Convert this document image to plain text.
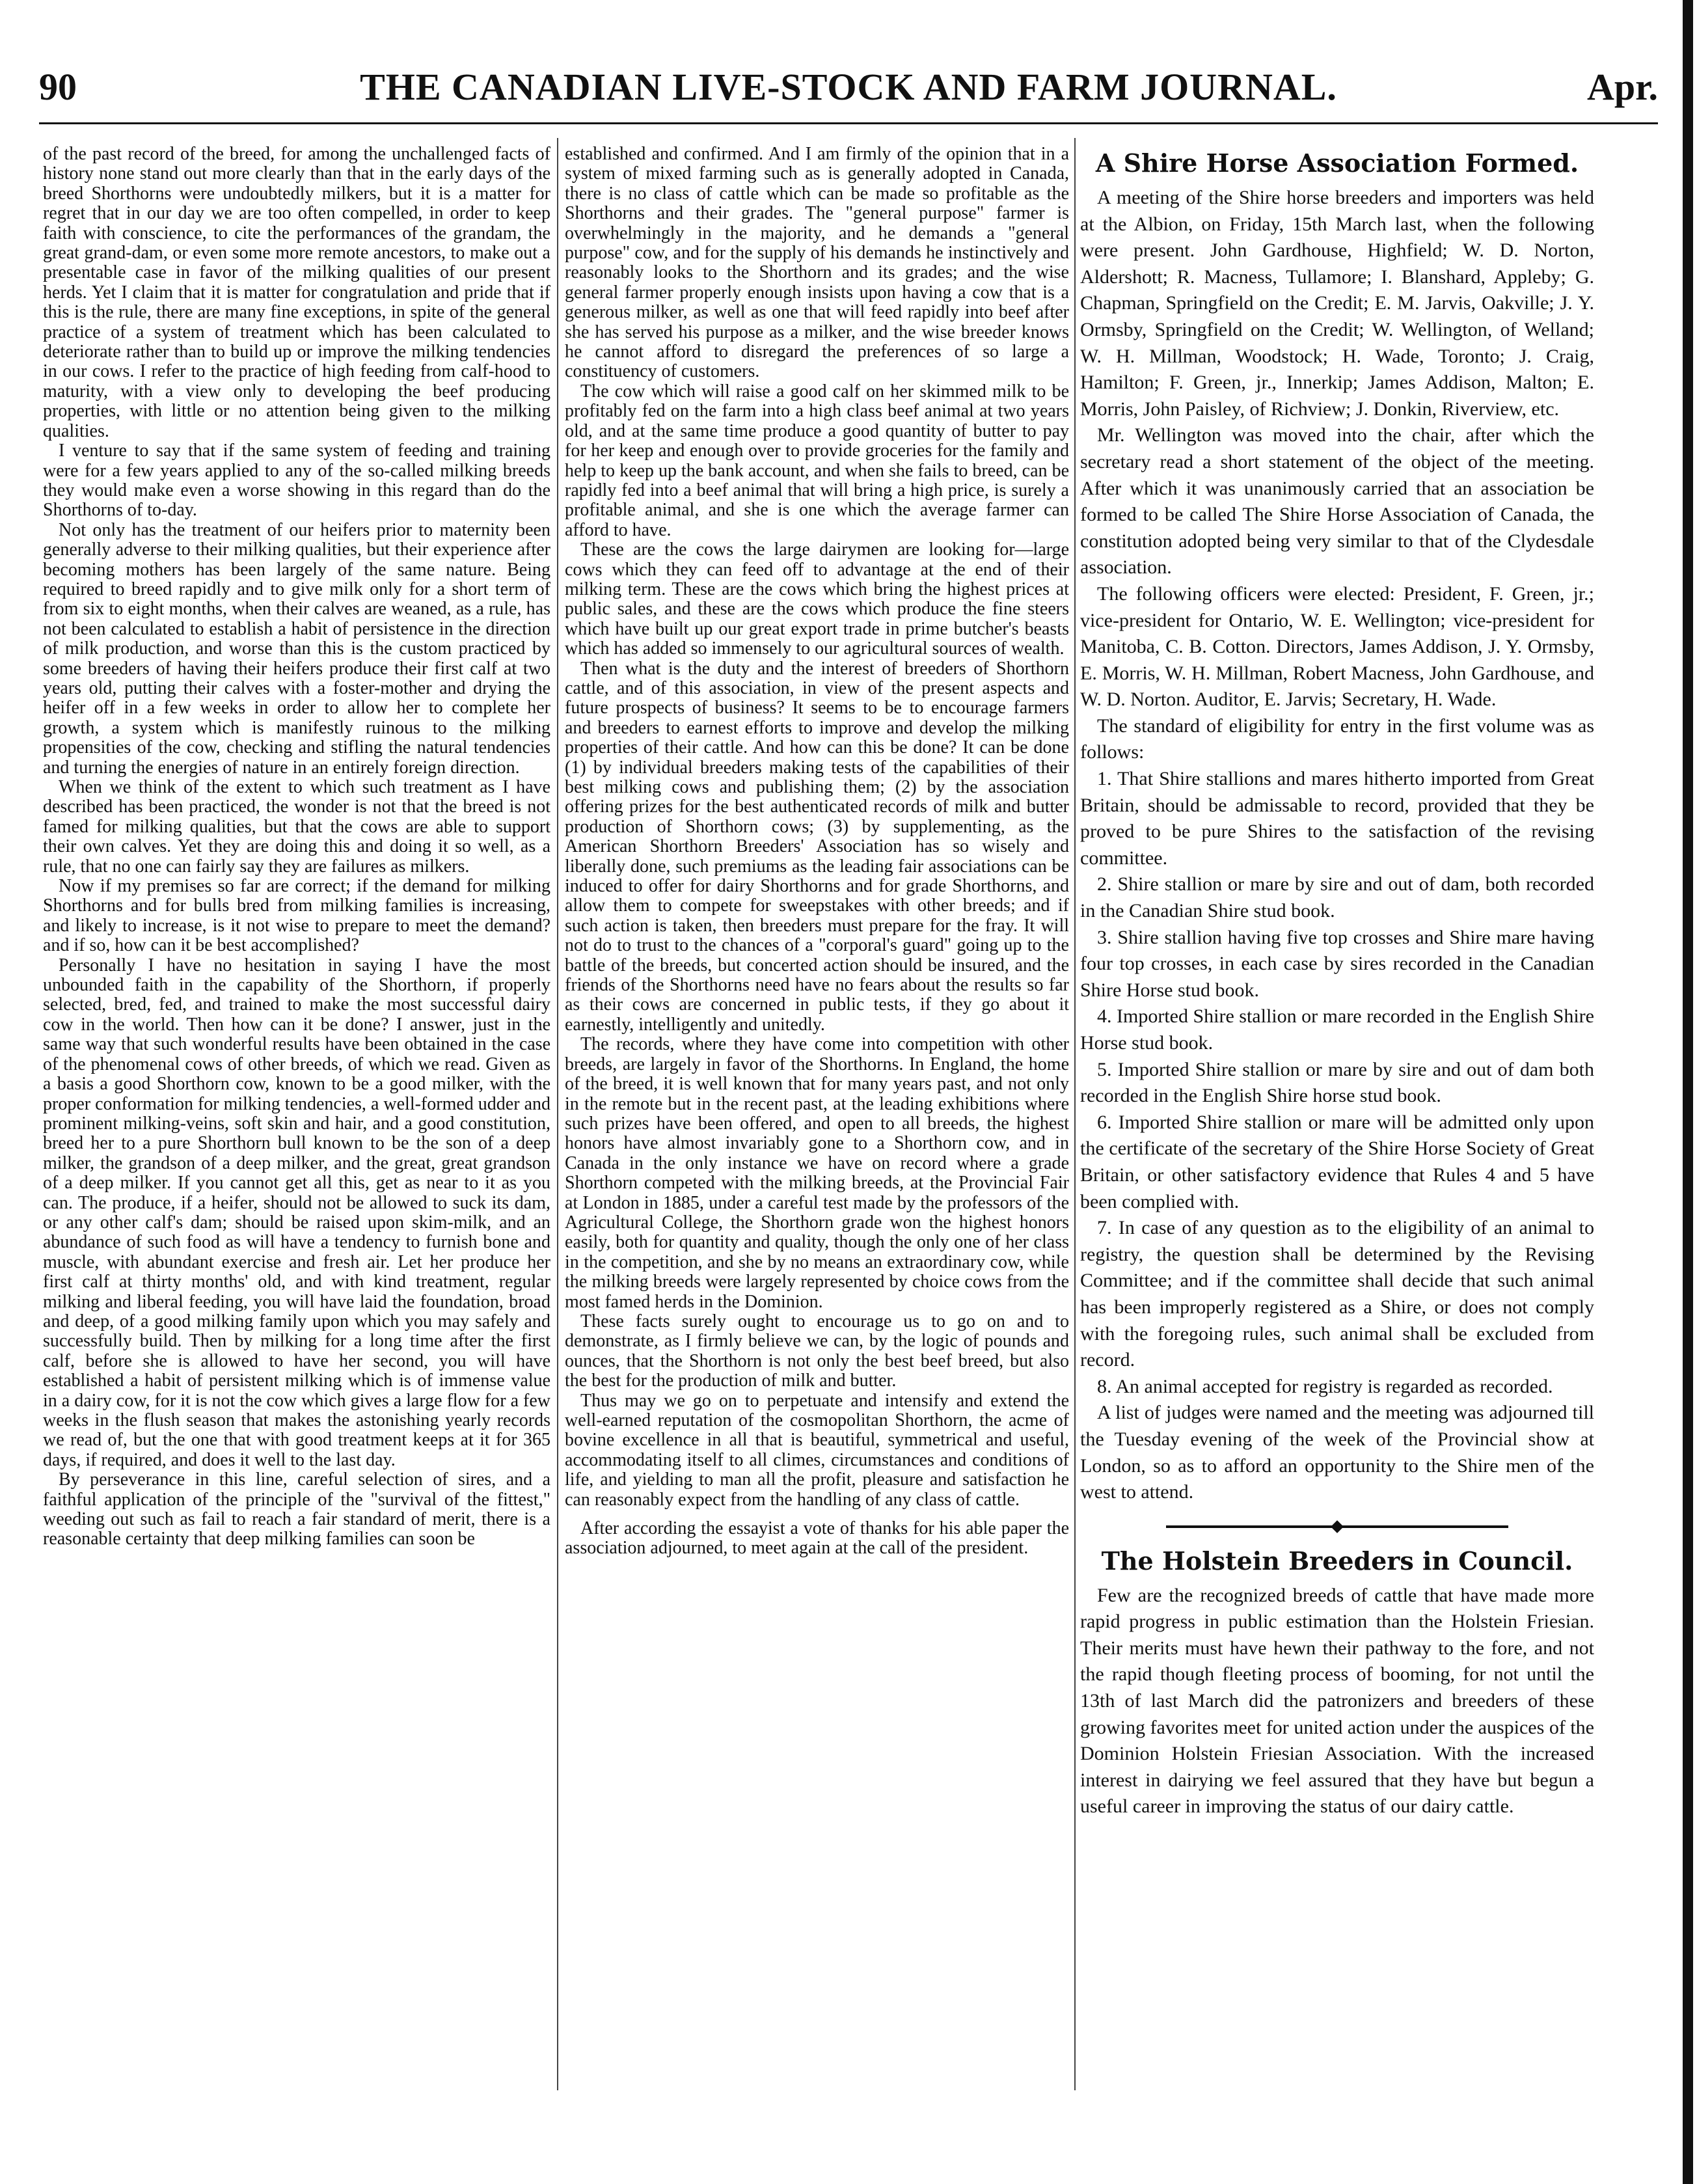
90	THE CANADIAN LIVE-STOCK AND FARM JOURNAL.	Apr.

of the past record of the breed, for among the unchallenged facts of history none stand out more clearly than that in the early days of the breed Shorthorns were undoubtedly milkers, but it is a matter for regret that in our day we are too often compelled, in order to keep faith with conscience, to cite the performances of the grandam, the great grand-dam, or even some more remote ancestors, to make out a presentable case in favor of the milking qualities of our present herds. Yet I claim that it is matter for congratulation and pride that if this is the rule, there are many fine exceptions, in spite of the general practice of a system of treatment which has been calculated to deteriorate rather than to build up or improve the milking tendencies in our cows. I refer to the practice of high feeding from calf-hood to maturity, with a view only to developing the beef producing properties, with little or no attention being given to the milking qualities.

I venture to say that if the same system of feeding and training were for a few years applied to any of the so-called milking breeds they would make even a worse showing in this regard than do the Shorthorns of to-day.

Not only has the treatment of our heifers prior to maternity been generally adverse to their milking qualities, but their experience after becoming mothers has been largely of the same nature. Being required to breed rapidly and to give milk only for a short term of from six to eight months, when their calves are weaned, as a rule, has not been calculated to establish a habit of persistence in the direction of milk production, and worse than this is the custom practiced by some breeders of having their heifers produce their first calf at two years old, putting their calves with a foster-mother and drying the heifer off in a few weeks in order to allow her to complete her growth, a system which is manifestly ruinous to the milking propensities of the cow, checking and stifling the natural tendencies and turning the energies of nature in an entirely foreign direction.

When we think of the extent to which such treatment as I have described has been practiced, the wonder is not that the breed is not famed for milking qualities, but that the cows are able to support their own calves. Yet they are doing this and doing it so well, as a rule, that no one can fairly say they are failures as milkers.

Now if my premises so far are correct; if the demand for milking Shorthorns and for bulls bred from milking families is increasing, and likely to increase, is it not wise to prepare to meet the demand? and if so, how can it be best accomplished?

Personally I have no hesitation in saying I have the most unbounded faith in the capability of the Shorthorn, if properly selected, bred, fed, and trained to make the most successful dairy cow in the world. Then how can it be done? I answer, just in the same way that such wonderful results have been obtained in the case of the phenomenal cows of other breeds, of which we read. Given as a basis a good Shorthorn cow, known to be a good milker, with the proper conformation for milking tendencies, a well-formed udder and prominent milking-veins, soft skin and hair, and a good constitution, breed her to a pure Shorthorn bull known to be the son of a deep milker, the grandson of a deep milker, and the great, great grandson of a deep milker. If you cannot get all this, get as near to it as you can. The produce, if a heifer, should not be allowed to suck its dam, or any other calf's dam; should be raised upon skim-milk, and an abundance of such food as will have a tendency to furnish bone and muscle, with abundant exercise and fresh air. Let her produce her first calf at thirty months' old, and with kind treatment, regular milking and liberal feeding, you will have laid the foundation, broad and deep, of a good milking family upon which you may safely and successfully build. Then by milking for a long time after the first calf, before she is allowed to have her second, you will have established a habit of persistent milking which is of immense value in a dairy cow, for it is not the cow which gives a large flow for a few weeks in the flush season that makes the astonishing yearly records we read of, but the one that with good treatment keeps at it for 365 days, if required, and does it well to the last day.

By perseverance in this line, careful selection of sires, and a faithful application of the principle of the "survival of the fittest," weeding out such as fail to reach a fair standard of merit, there is a reasonable certainty that deep milking families can soon be

established and confirmed. And I am firmly of the opinion that in a system of mixed farming such as is generally adopted in Canada, there is no class of cattle which can be made so profitable as the Shorthorns and their grades. The "general purpose" farmer is overwhelmingly in the majority, and he demands a "general purpose" cow, and for the supply of his demands he instinctively and reasonably looks to the Shorthorn and its grades; and the wise general farmer properly enough insists upon having a cow that is a generous milker, as well as one that will feed rapidly into beef after she has served his purpose as a milker, and the wise breeder knows he cannot afford to disregard the preferences of so large a constituency of customers.

The cow which will raise a good calf on her skimmed milk to be profitably fed on the farm into a high class beef animal at two years old, and at the same time produce a good quantity of butter to pay for her keep and enough over to provide groceries for the family and help to keep up the bank account, and when she fails to breed, can be rapidly fed into a beef animal that will bring a high price, is surely a profitable animal, and she is one which the average farmer can afford to have.

These are the cows the large dairymen are looking for—large cows which they can feed off to advantage at the end of their milking term. These are the cows which bring the highest prices at public sales, and these are the cows which produce the fine steers which have built up our great export trade in prime butcher's beasts which has added so immensely to our agricultural sources of wealth.

Then what is the duty and the interest of breeders of Shorthorn cattle, and of this association, in view of the present aspects and future prospects of business? It seems to be to encourage farmers and breeders to earnest efforts to improve and develop the milking properties of their cattle. And how can this be done? It can be done (1) by individual breeders making tests of the capabilities of their best milking cows and publishing them; (2) by the association offering prizes for the best authenticated records of milk and butter production of Shorthorn cows; (3) by supplementing, as the American Shorthorn Breeders' Association has so wisely and liberally done, such premiums as the leading fair associations can be induced to offer for dairy Shorthorns and for grade Shorthorns, and allow them to compete for sweepstakes with other breeds; and if such action is taken, then breeders must prepare for the fray. It will not do to trust to the chances of a "corporal's guard" going up to the battle of the breeds, but concerted action should be insured, and the friends of the Shorthorns need have no fears about the results so far as their cows are concerned in public tests, if they go about it earnestly, intelligently and unitedly.

The records, where they have come into competition with other breeds, are largely in favor of the Shorthorns. In England, the home of the breed, it is well known that for many years past, and not only in the remote but in the recent past, at the leading exhibitions where such prizes have been offered, and open to all breeds, the highest honors have almost invariably gone to a Shorthorn cow, and in Canada in the only instance we have on record where a grade Shorthorn competed with the milking breeds, at the Provincial Fair at London in 1885, under a careful test made by the professors of the Agricultural College, the Shorthorn grade won the highest honors easily, both for quantity and quality, though the only one of her class in the competition, and she by no means an extraordinary cow, while the milking breeds were largely represented by choice cows from the most famed herds in the Dominion.

These facts surely ought to encourage us to go on and to demonstrate, as I firmly believe we can, by the logic of pounds and ounces, that the Shorthorn is not only the best beef breed, but also the best for the production of milk and butter.

Thus may we go on to perpetuate and intensify and extend the well-earned reputation of the cosmopolitan Shorthorn, the acme of bovine excellence in all that is beautiful, symmetrical and useful, accommodating itself to all climes, circumstances and conditions of life, and yielding to man all the profit, pleasure and satisfaction he can reasonably expect from the handling of any class of cattle.

After according the essayist a vote of thanks for his able paper the association adjourned, to meet again at the call of the president.

A Shire Horse Association Formed.

A meeting of the Shire horse breeders and importers was held at the Albion, on Friday, 15th March last, when the following were present. John Gardhouse, Highfield; W. D. Norton, Aldershott; R. Macness, Tullamore; I. Blanshard, Appleby; G. Chapman, Springfield on the Credit; E. M. Jarvis, Oakville; J. Y. Ormsby, Springfield on the Credit; W. Wellington, of Welland; W. H. Millman, Woodstock; H. Wade, Toronto; J. Craig, Hamilton; F. Green, jr., Innerkip; James Addison, Malton; E. Morris, John Paisley, of Richview; J. Donkin, Riverview, etc.

Mr. Wellington was moved into the chair, after which the secretary read a short statement of the object of the meeting. After which it was unanimously carried that an association be formed to be called The Shire Horse Association of Canada, the constitution adopted being very similar to that of the Clydesdale association.

The following officers were elected: President, F. Green, jr.; vice-president for Ontario, W. E. Wellington; vice-president for Manitoba, C. B. Cotton. Directors, James Addison, J. Y. Ormsby, E. Morris, W. H. Millman, Robert Macness, John Gardhouse, and W. D. Norton. Auditor, E. Jarvis; Secretary, H. Wade.

The standard of eligibility for entry in the first volume was as follows:

1. That Shire stallions and mares hitherto imported from Great Britain, should be admissable to record, provided that they be proved to be pure Shires to the satisfaction of the revising committee.

2. Shire stallion or mare by sire and out of dam, both recorded in the Canadian Shire stud book.

3. Shire stallion having five top crosses and Shire mare having four top crosses, in each case by sires recorded in the Canadian Shire Horse stud book.

4. Imported Shire stallion or mare recorded in the English Shire Horse stud book.

5. Imported Shire stallion or mare by sire and out of dam both recorded in the English Shire horse stud book.

6. Imported Shire stallion or mare will be admitted only upon the certificate of the secretary of the Shire Horse Society of Great Britain, or other satisfactory evidence that Rules 4 and 5 have been complied with.

7. In case of any question as to the eligibility of an animal to registry, the question shall be determined by the Revising Committee; and if the committee shall decide that such animal has been improperly registered as a Shire, or does not comply with the foregoing rules, such animal shall be excluded from record.

8. An animal accepted for registry is regarded as recorded.

A list of judges were named and the meeting was adjourned till the Tuesday evening of the week of the Provincial show at London, so as to afford an opportunity to the Shire men of the west to attend.

The Holstein Breeders in Council.

Few are the recognized breeds of cattle that have made more rapid progress in public estimation than the Holstein Friesian. Their merits must have hewn their pathway to the fore, and not the rapid though fleeting process of booming, for not until the 13th of last March did the patronizers and breeders of these growing favorites meet for united action under the auspices of the Dominion Holstein Friesian Association. With the increased interest in dairying we feel assured that they have but begun a useful career in improving the status of our dairy cattle.
